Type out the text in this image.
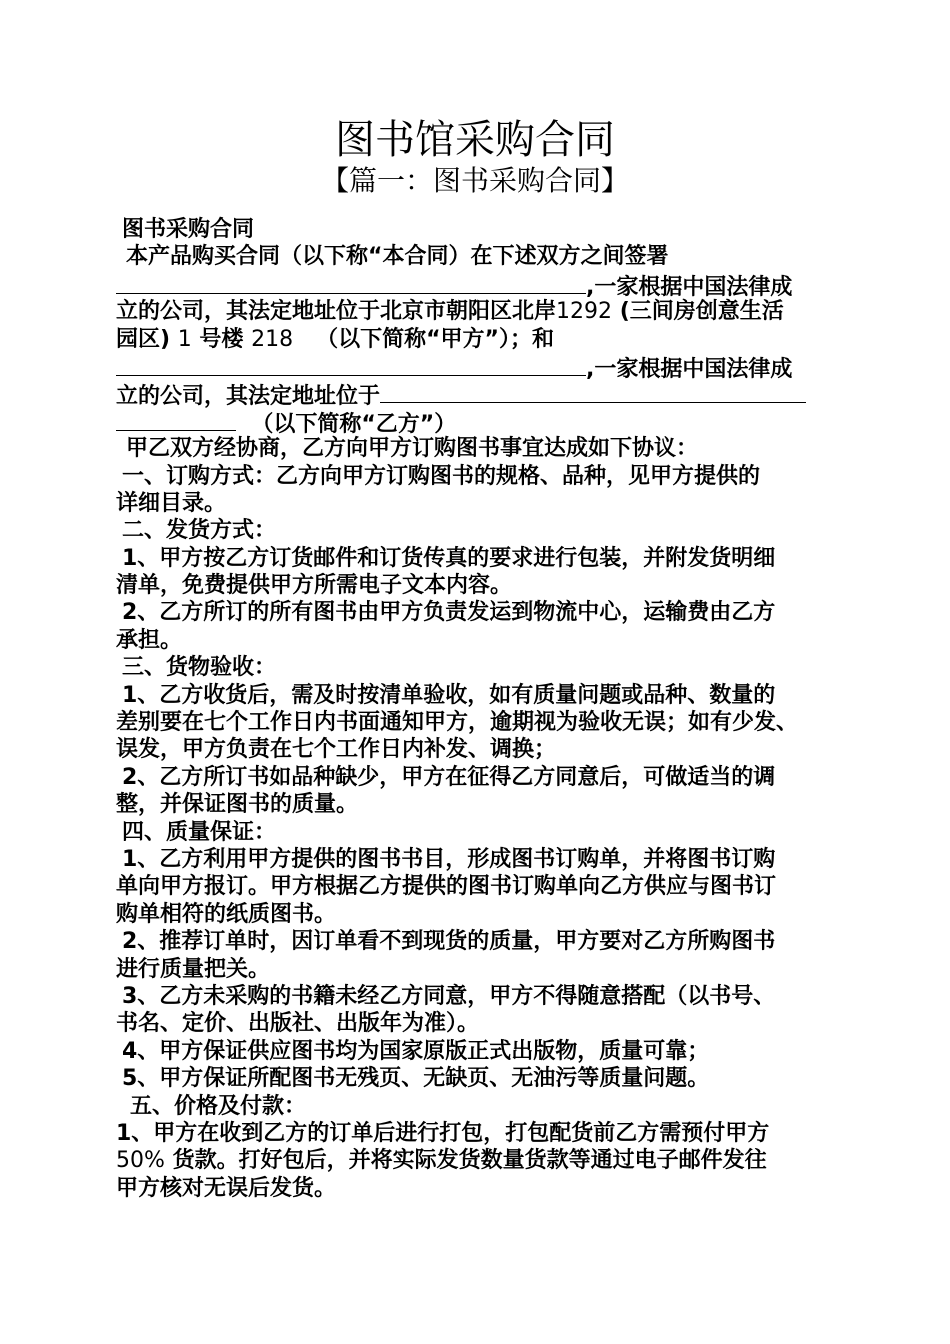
图书馆采购合同
【篇一：图书采购合同】
图书采购合同
本产品购买合同（以下称“本合同）在下述双方之间签署
,一家根据中国法律成
立的公司，其法定地址位于北京市朝阳区北岸1292 (三间房创意生活
园区) 1 号楼 218 （以下简称“甲方”）；和
,一家根据中国法律成
立的公司，其法定地址位于
（以下简称“乙方”）
甲乙双方经协商，乙方向甲方订购图书事宜达成如下协议：
一、订购方式：乙方向甲方订购图书的规格、品种，见甲方提供的
详细目录。
二、发货方式：
1、甲方按乙方订货邮件和订货传真的要求进行包装，并附发货明细
清单，免费提供甲方所需电子文本内容。
2、乙方所订的所有图书由甲方负责发运到物流中心，运输费由乙方
承担。
三、货物验收：
1、乙方收货后，需及时按清单验收，如有质量问题或品种、数量的
差别要在七个工作日内书面通知甲方，逾期视为验收无误；如有少发、
误发，甲方负责在七个工作日内补发、调换；
2、乙方所订书如品种缺少，甲方在征得乙方同意后，可做适当的调
整，并保证图书的质量。
四、质量保证：
1、乙方利用甲方提供的图书书目，形成图书订购单，并将图书订购
单向甲方报订。甲方根据乙方提供的图书订购单向乙方供应与图书订
购单相符的纸质图书。
2、推荐订单时，因订单看不到现货的质量，甲方要对乙方所购图书
进行质量把关。
3、乙方未采购的书籍未经乙方同意，甲方不得随意搭配（以书号、
书名、定价、出版社、出版年为准）。
4、甲方保证供应图书均为国家原版正式出版物，质量可靠；
5、甲方保证所配图书无残页、无缺页、无油污等质量问题。
五、价格及付款：
1、甲方在收到乙方的订单后进行打包，打包配货前乙方需预付甲方
50% 货款。打好包后，并将实际发货数量货款等通过电子邮件发往
甲方核对无误后发货。
